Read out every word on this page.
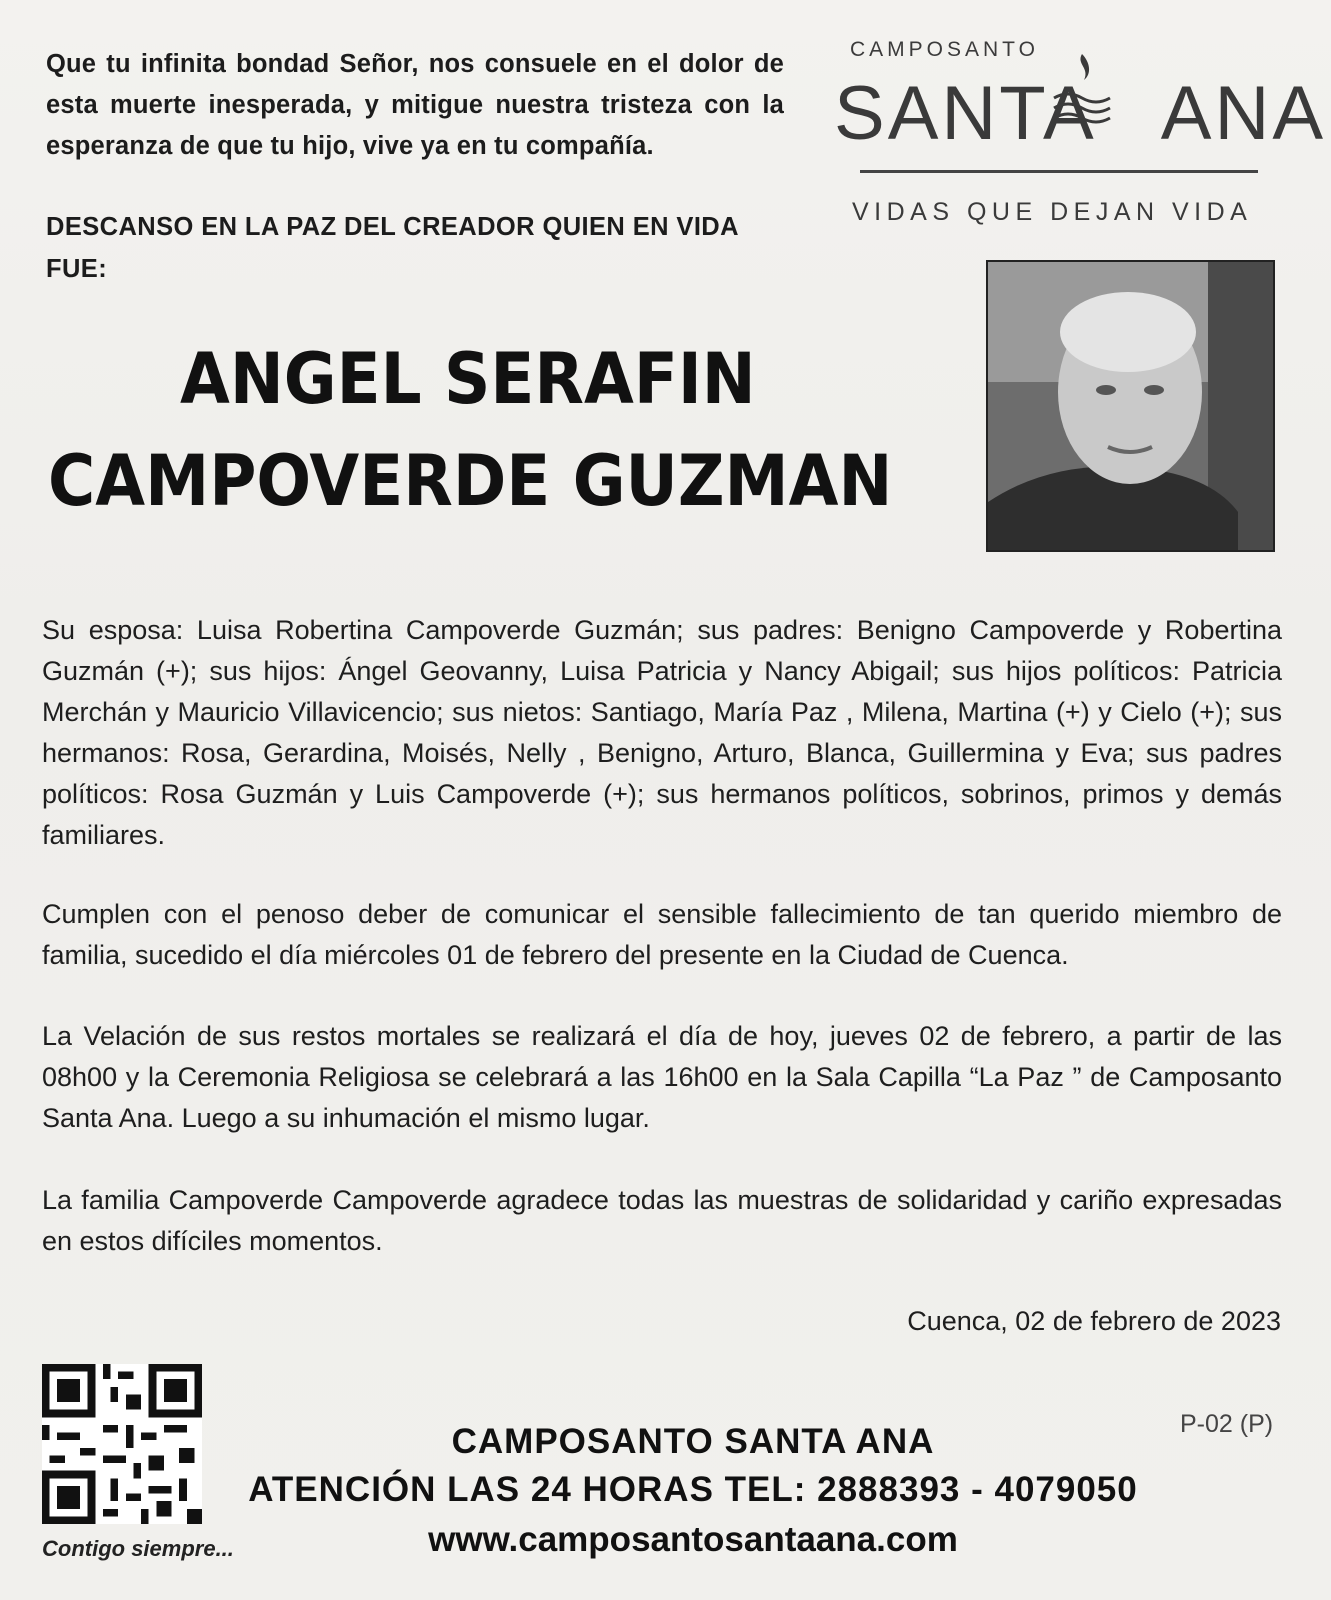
Que tu infinita bondad Señor, nos consuele en el dolor de esta muerte inesperada, y mitigue nuestra tristeza con la esperanza de que tu hijo, vive ya en tu compañía.
DESCANSO EN LA PAZ DEL CREADOR QUIEN EN VIDA FUE:
ANGEL SERAFIN
CAMPOVERDE GUZMAN
CAMPOSANTO
SANTA ANA
VIDAS QUE DEJAN VIDA
Su esposa: Luisa Robertina Campoverde Guzmán; sus padres: Benigno Campoverde y Robertina Guzmán (+); sus hijos: Ángel Geovanny, Luisa Patricia y Nancy Abigail; sus hijos políticos: Patricia Merchán y Mauricio Villavicencio; sus nietos: Santiago, María Paz , Milena, Martina (+) y Cielo (+); sus hermanos: Rosa, Gerardina, Moisés, Nelly , Benigno, Arturo, Blanca, Guillermina y Eva; sus padres políticos: Rosa Guzmán y Luis Campoverde (+); sus hermanos políticos, sobrinos, primos y demás familiares.
Cumplen con el penoso deber de comunicar el sensible fallecimiento de tan querido miembro de familia, sucedido el día miércoles 01 de febrero del presente en la Ciudad de Cuenca.
La Velación de sus restos mortales se realizará el día de hoy, jueves 02 de febrero, a partir de las 08h00 y la Ceremonia Religiosa se celebrará a las 16h00 en la Sala Capilla “La Paz ” de Camposanto Santa Ana. Luego a su inhumación el mismo lugar.
La familia Campoverde Campoverde agradece todas las muestras de solidaridad y cariño expresadas en estos difíciles momentos.
Cuenca, 02 de febrero de 2023
Contigo siempre...
P-02 (P)
CAMPOSANTO SANTA ANA
ATENCIÓN LAS 24 HORAS TEL: 2888393 - 4079050
www.camposantosantaana.com
